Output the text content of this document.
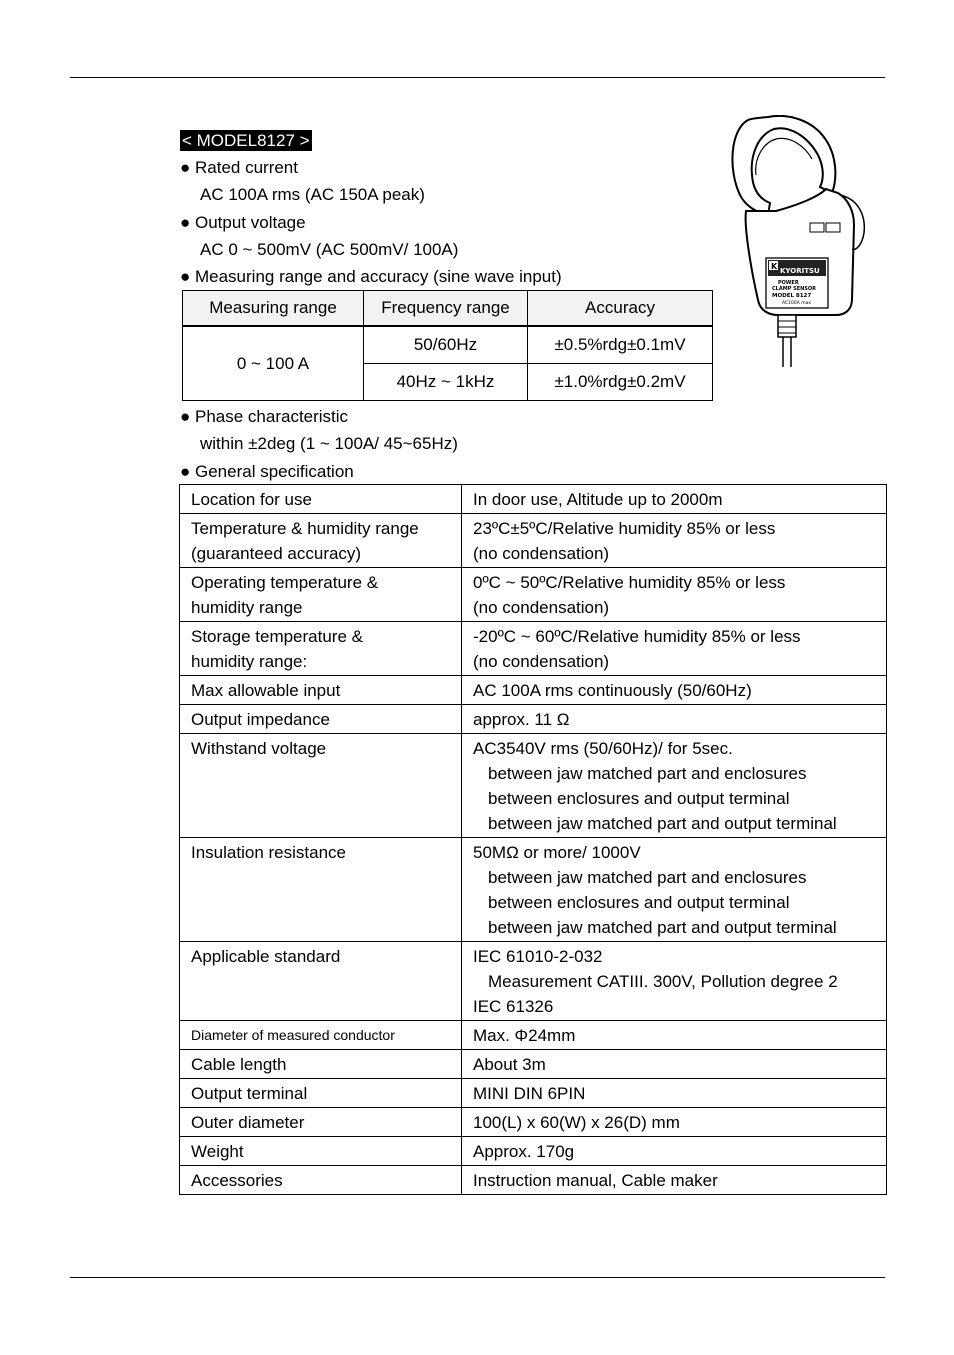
< MODEL8127 >
● Rated current
AC 100A rms (AC 150A peak)
● Output voltage
AC 0 ~ 500mV (AC 500mV/ 100A)
● Measuring range and accuracy (sine wave input)
Measuring range	Frequency range	Accuracy
0 ~ 100 A	50/60Hz	±0.5%rdg±0.1mV
	40Hz ~ 1kHz	±1.0%rdg±0.2mV
● Phase characteristic
within ±2deg (1 ~ 100A/ 45~65Hz)
● General specification
Location for use	In door use, Altitude up to 2000m

Temperature & humidity range
(guaranteed accuracy)	23ºC±5ºC/Relative humidity 85% or less
(no condensation)

Operating temperature &
humidity range	0ºC ~ 50ºC/Relative humidity 85% or less
(no condensation)

Storage temperature &
humidity range:	-20ºC ~ 60ºC/Relative humidity 85% or less
(no condensation)

Max allowable input	AC 100A rms continuously (50/60Hz)

Output impedance	approx. 11 Ω

Withstand voltage	AC3540V rms (50/60Hz)/ for 5sec.
between jaw matched part and enclosures
between enclosures and output terminal
between jaw matched part and output terminal

Insulation resistance	50MΩ or more/ 1000V
between jaw matched part and enclosures
between enclosures and output terminal
between jaw matched part and output terminal

Applicable standard	IEC 61010-2-032
Measurement CATIII. 300V, Pollution degree 2
IEC 61326

Diameter of measured conductor	Max. Φ24mm

Cable length	About 3m

Output terminal	MINI DIN 6PIN

Outer diameter	100(L) x 60(W) x 26(D) mm

Weight	Approx. 170g

Accessories	Instruction manual, Cable maker
K KYORITSU
POWER
CLAMP SENSOR
MODEL 8127
AC100A max
